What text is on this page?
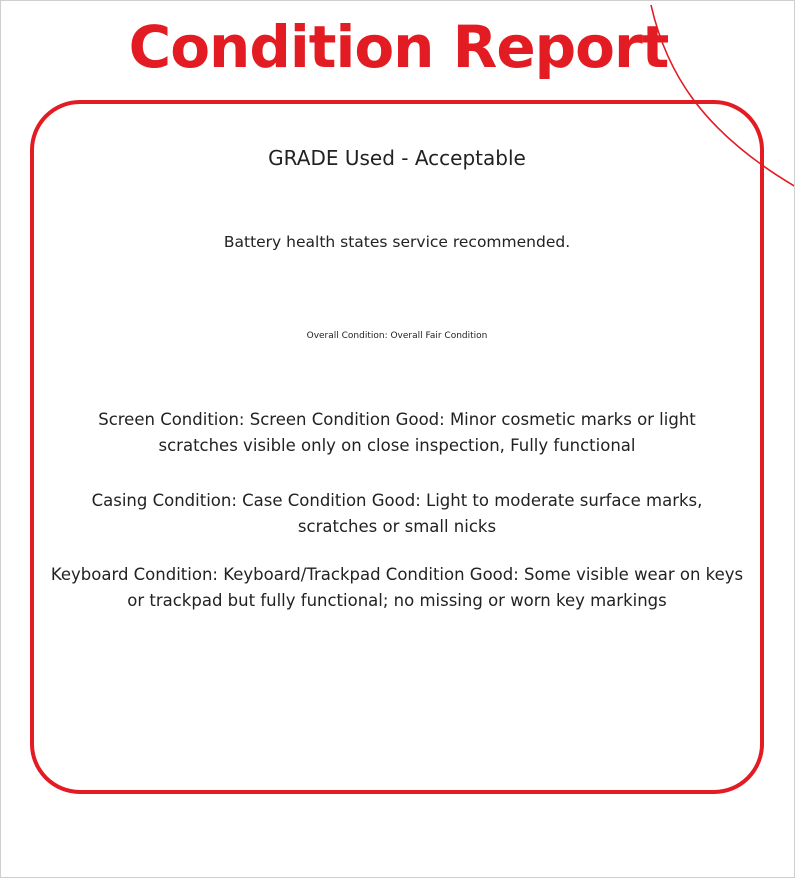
Condition Report

GRADE Used - Acceptable

Battery health states service recommended.

Overall Condition: Overall Fair Condition

Screen Condition: Screen Condition Good: Minor cosmetic marks or light scratches visible only on close inspection, Fully functional

Casing Condition: Case Condition Good: Light to moderate surface marks, scratches or small nicks

Keyboard Condition: Keyboard/Trackpad Condition Good: Some visible wear on keys or trackpad but fully functional; no missing or worn key markings
